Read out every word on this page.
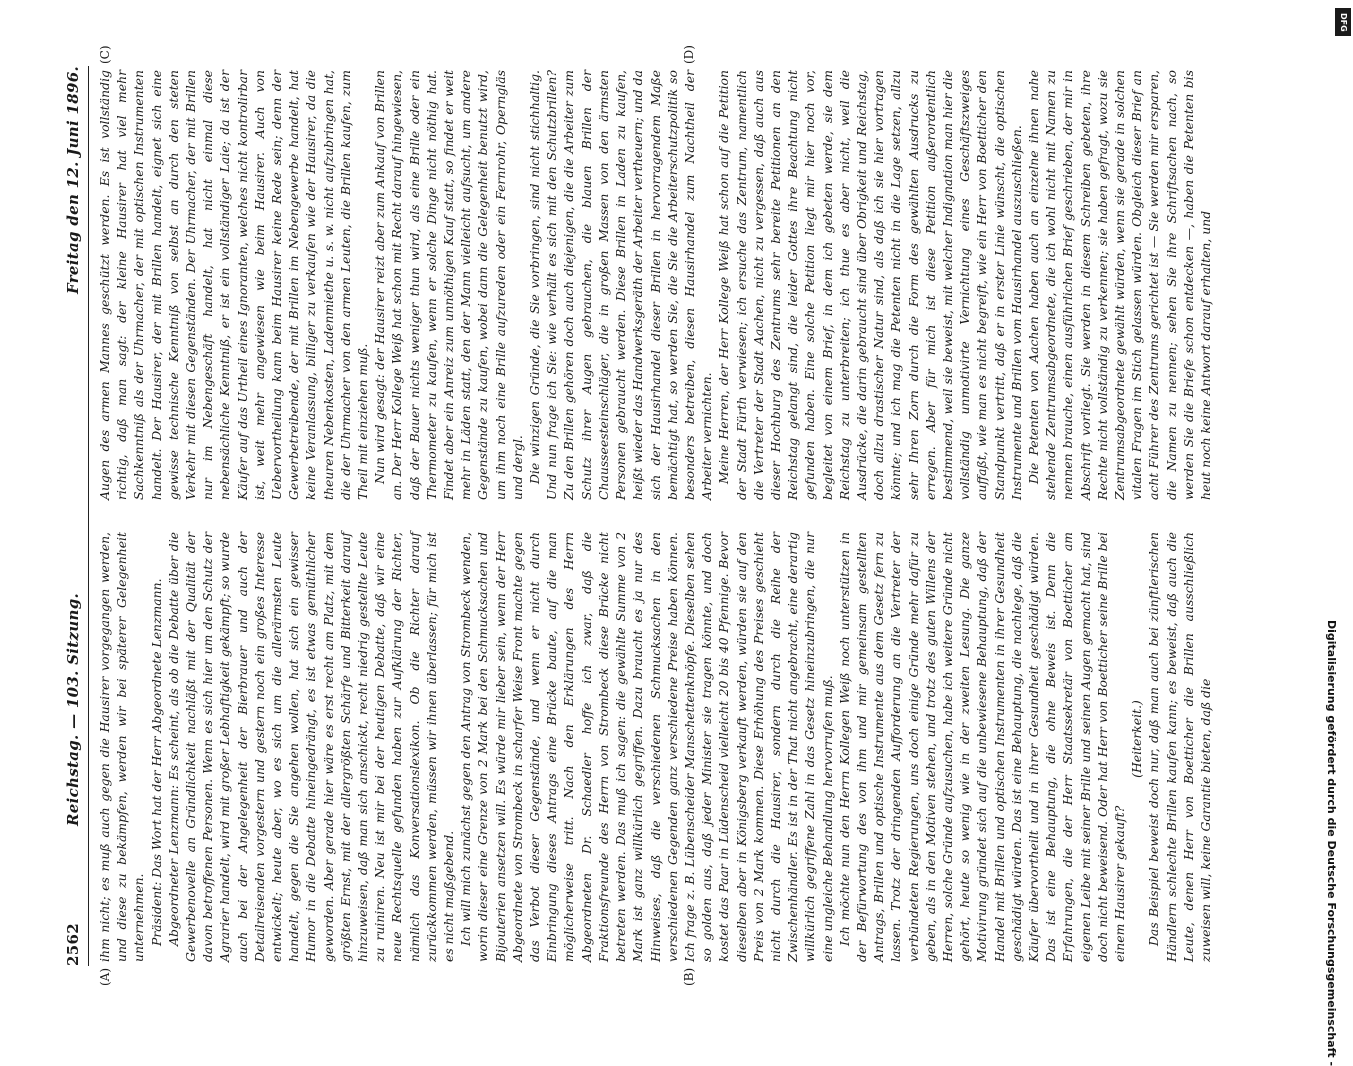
2562
Reichstag. — 103. Sitzung.
Freitag den 12. Juni 1896.
(A)	(B)
(C)	(D)

ihm nicht; es muß auch gegen die Hausirer vorgegangen werden, und diese zu bekämpfen, werden wir bei späterer Gelegenheit unternehmen. Präsident: Das Wort hat der Herr Abgeordnete Lenzmann. Abgeordneter Lenzmann: Es scheint, als ob die Debatte über die Gewerbenovelle an Gründlichkeit nachläßt mit der Qualität der davon betroffenen Personen. Wenn es sich hier um den Schutz der Agrarier handelt, wird mit großer Lebhaftigkeit gekämpft; so wurde auch bei der Angelegenheit der Bierbrauer und auch der Detailreisenden vorgestern und gestern noch ein großes Interesse entwickelt; heute aber, wo es sich um die allerärmsten Leute handelt, gegen die Sie angehen wollen, hat sich ein gewisser Humor in die Debatte hineingedrängt, es ist etwas gemüthlicher geworden. Aber gerade hier wäre es erst recht am Platz, mit dem größten Ernst, mit der allergrößten Schärfe und Bitterkeit darauf hinzuweisen, daß man sich anschickt, recht niedrig gestellte Leute zu ruiniren. Neu ist mir bei der heutigen Debatte, daß wir eine neue Rechtsquelle gefunden haben zur Aufklärung der Richter, nämlich das Konversationslexikon. Ob die Richter darauf zurückkommen werden, müssen wir ihnen überlassen; für mich ist es nicht maßgebend. Ich will mich zunächst gegen den Antrag von Strombeck wenden, worin dieser eine Grenze von 2 Mark bei den Schmucksachen und Bijouterien ansetzen will. Es würde mir lieber sein, wenn der Herr Abgeordnete von Strombeck in scharfer Weise Front machte gegen das Verbot dieser Gegenstände, und wenn er nicht durch Einbringung dieses Antrags eine Brücke baute, auf die man möglicherweise tritt. Nach den Erklärungen des Herrn Abgeordneten Dr. Schaedler hoffe ich zwar, daß die Fraktionsfreunde des Herrn von Strombeck diese Brücke nicht betreten werden. Das muß ich sagen: die gewählte Summe von 2 Mark ist ganz willkürlich gegriffen. Dazu braucht es ja nur des Hinweises, daß die verschiedenen Schmucksachen in den verschiedenen Gegenden ganz verschiedene Preise haben können. Ich frage z. B. Lübenscheider Manschettenknöpfe. Dieselben sehen so golden aus, daß jeder Minister sie tragen könnte, und doch kostet das Paar in Lüdenscheid vielleicht 20 bis 40 Pfennige. Bevor dieselben aber in Königsberg verkauft werden, würden sie auf den Preis von 2 Mark kommen. Diese Erhöhung des Preises geschieht nicht durch die Hausirer, sondern durch die Reihe der Zwischenhändler. Es ist in der That nicht angebracht, eine derartig willkürlich gegriffene Zahl in das Gesetz hineinzubringen, die nur eine ungleiche Behandlung hervorrufen muß. Ich möchte nun den Herrn Kollegen Weiß noch unterstützen in der Befürwortung des von ihm und mir gemeinsam gestellten Antrags, Brillen und optische Instrumente aus dem Gesetz fern zu lassen. Trotz der dringenden Aufforderung an die Vertreter der verbündeten Regierungen, uns doch einige Gründe mehr dafür zu geben, als in den Motiven stehen, und trotz des guten Willens der Herren, solche Gründe aufzusuchen, habe ich weitere Gründe nicht gehört, heute so wenig wie in der zweiten Lesung. Die ganze Motivirung gründet sich auf die unbewiesene Behauptung, daß der Handel mit Brillen und optischen Instrumenten in ihrer Gesundheit geschädigt würden. Das ist eine Behauptung, die nachlege, daß die Käufer übervortheilt und in ihrer Gesundheit geschädigt würden. Das ist eine Behauptung, die ohne Beweis ist. Denn die Erfahrungen, die der Herr Staatssekretär von Boetticher am eigenen Leibe mit seiner Brille und seinen Augen gemacht hat, sind doch nicht beweisend. Oder hat Herr von Boetticher seine Brille bei einem Hausirer gekauft?

(Heiterkeit.) Das Beispiel beweist doch nur, daß man auch bei zünftlerischen Händlern schlechte Brillen kaufen kann; es beweist, daß auch die Leute, denen Herr von Boetticher die Brillen ausschließlich zuweisen will, keine Garantie bieten, daß die

Augen des armen Mannes geschützt werden. Es ist vollständig richtig, daß man sagt: der kleine Hausirer hat viel mehr Sachkenntniß als der Uhrmacher, der mit optischen Instrumenten handelt. Der Hausirer, der mit Brillen handelt, eignet sich eine gewisse technische Kenntniß von selbst an durch den steten Verkehr mit diesen Gegenständen. Der Uhrmacher, der mit Brillen nur im Nebengeschäft handelt, hat nicht einmal diese nebensächliche Kenntniß, er ist ein vollständiger Laie; da ist der Käufer auf das Urtheil eines Ignoranten, welches nicht kontrolirbar ist, weit mehr angewiesen wie beim Hausirer. Auch von Uebervortheilung kann beim Hausirer keine Rede sein; denn der Gewerbetreibende, der mit Brillen im Nebengewerbe handelt, hat keine Veranlassung, billiger zu verkaufen wie der Hausirer, da die theuren Nebenkosten, Ladenmiethe u. s. w. nicht aufzubringen hat, die der Uhrmacher von den armen Leuten, die Brillen kaufen, zum Theil mit einziehen muß. Nun wird gesagt: der Hausirer reizt aber zum Ankauf von Brillen an. Der Herr Kollege Weiß hat schon mit Recht darauf hingewiesen, daß der Bauer nichts weniger thun wird, als eine Brille oder ein Thermometer zu kaufen, wenn er solche Dinge nicht nöthig hat. Findet aber ein Anreiz zum unnöthigen Kauf statt, so findet er weit mehr in Läden statt, den der Mann vielleicht aufsucht, um andere Gegenstände zu kaufen, wobei dann die Gelegenheit benutzt wird, um ihm noch eine Brille aufzureden oder ein Fernrohr, Operngläs und dergl. Die winzigen Gründe, die Sie vorbringen, sind nicht stichhaltig. Und nun frage ich Sie: wie verhält es sich mit den Schutzbrillen? Zu den Brillen gehören doch auch diejenigen, die die Arbeiter zum Schutz ihrer Augen gebrauchen, die blauen Brillen der Chausseesteinschläger, die in großen Massen von den ärmsten Personen gebraucht werden. Diese Brillen in Laden zu kaufen, heißt wieder das Handwerksgeräth der Arbeiter vertheuern; und da sich der Hausirhandel dieser Brillen in hervorragendem Maße bemächtigt hat, so werden Sie, die Sie die Arbeiterschutzpolitik so besonders betreiben, diesen Hausirhandel zum Nachtheil der Arbeiter vernichten. Meine Herren, der Herr Kollege Weiß hat schon auf die Petition der Stadt Fürth verwiesen; ich ersuche das Zentrum, namentlich die Vertreter der Stadt Aachen, nicht zu vergessen, daß auch aus dieser Hochburg des Zentrums sehr bereite Petitionen an den Reichstag gelangt sind, die leider Gottes ihre Beachtung nicht gefunden haben. Eine solche Petition liegt mir hier noch vor, begleitet von einem Brief, in dem ich gebeten werde, sie dem Reichstag zu unterbreiten; ich thue es aber nicht, weil die Ausdrücke, die darin gebraucht sind über Obrigkeit und Reichstag, doch allzu drastischer Natur sind, als daß ich sie hier vortragen könnte; und ich mag die Petenten nicht in die Lage setzen, allzu sehr Ihren Zorn durch die Form des gewählten Ausdrucks zu erregen. Aber für mich ist diese Petition außerordentlich bestimmend, weil sie beweist, mit welcher Indignation man hier die vollständig unmotivirte Vernichtung eines Geschäftszweiges auffaßt, wie man es nicht begreift, wie ein Herr von Boetticher den Standpunkt vertritt, daß er in erster Linie wünscht, die optischen Instrumente und Brillen vom Hausirhandel auszuschließen. Die Petenten von Aachen haben auch an einzelne ihnen nahe stehende Zentrumsabgeordnete, die ich wohl nicht mit Namen zu nennen brauche, einen ausführlichen Brief geschrieben, der mir in Abschrift vorliegt. Sie werden in diesem Schreiben gebeten, ihre Rechte nicht vollständig zu verkennen; sie haben gefragt, wozu sie Zentrumsabgeordnete gewählt würden, wenn sie gerade in solchen vitalen Fragen im Stich gelassen würden. Obgleich dieser Brief an acht Führer des Zentrums gerichtet ist — Sie werden mir ersparen, die Namen zu nennen; sehen Sie ihre Schriftsachen nach, so werden Sie die Briefe schon entdecken —, haben die Petenten bis heut noch keine Antwort darauf erhalten, und

DFG
Digitalisierung gefördert durch die Deutsche Forschungsgemeinschaft -
